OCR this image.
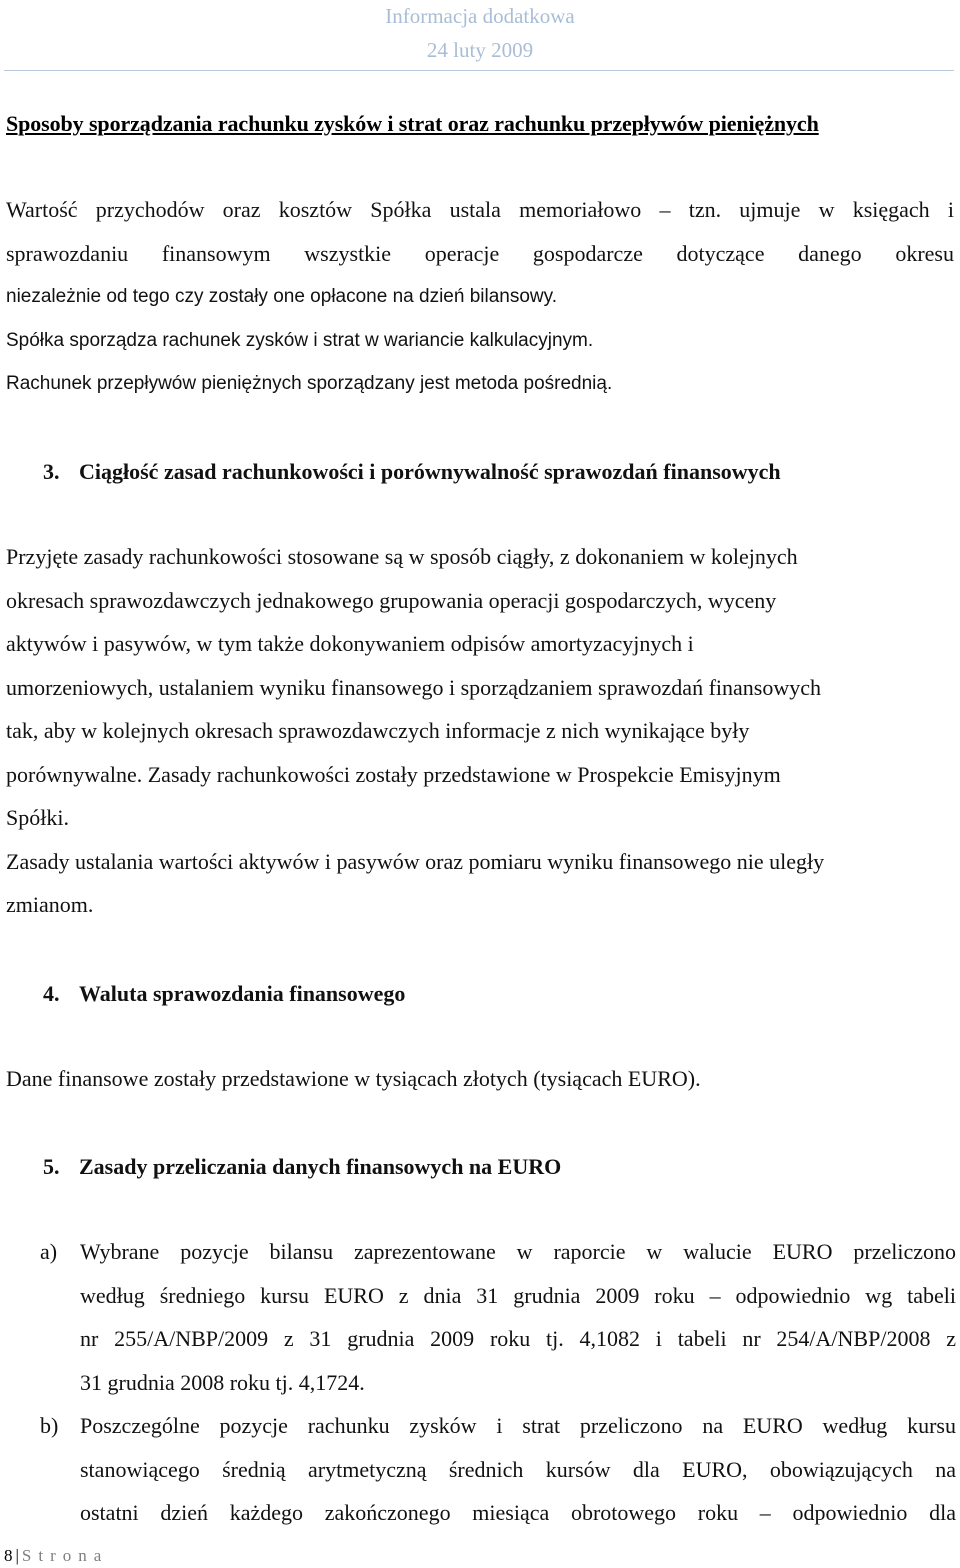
Informacja dodatkowa
24 luty 2009
Sposoby sporządzania rachunku zysków i strat oraz rachunku przepływów pieniężnych
Wartość przychodów oraz kosztów Spółka ustala memoriałowo – tzn. ujmuje w księgach i
sprawozdaniu finansowym wszystkie operacje gospodarcze dotyczące danego okresu
niezależnie od tego czy zostały one opłacone na dzień bilansowy.
Spółka sporządza rachunek zysków i strat w wariancie kalkulacyjnym.
Rachunek przepływów pieniężnych sporządzany jest metoda pośrednią.
3. Ciągłość zasad rachunkowości i porównywalność sprawozdań finansowych
Przyjęte zasady rachunkowości stosowane są w sposób ciągły, z dokonaniem w kolejnych
okresach sprawozdawczych jednakowego grupowania operacji gospodarczych, wyceny
aktywów i pasywów, w tym także dokonywaniem odpisów amortyzacyjnych i
umorzeniowych, ustalaniem wyniku finansowego i sporządzaniem sprawozdań finansowych
tak, aby w kolejnych okresach sprawozdawczych informacje z nich wynikające były
porównywalne. Zasady rachunkowości zostały przedstawione w Prospekcie Emisyjnym
Spółki.
Zasady ustalania wartości aktywów i pasywów oraz pomiaru wyniku finansowego nie uległy
zmianom.
4. Waluta sprawozdania finansowego
Dane finansowe zostały przedstawione w tysiącach złotych (tysiącach EURO).
5. Zasady przeliczania danych finansowych na EURO
a)	Wybrane pozycje bilansu zaprezentowane w raporcie w walucie EURO przeliczono
według średniego kursu EURO z dnia 31 grudnia 2009 roku – odpowiednio wg tabeli
nr 255/A/NBP/2009 z 31 grudnia 2009 roku tj. 4,1082 i tabeli nr 254/A/NBP/2008 z
31 grudnia 2008 roku tj. 4,1724.
b) Poszczególne pozycje rachunku zysków i strat przeliczono na EURO według kursu
stanowiącego średnią arytmetyczną średnich kursów dla EURO, obowiązujących na
ostatni dzień każdego zakończonego miesiąca obrotowego roku – odpowiednio dla
8 | Strona
